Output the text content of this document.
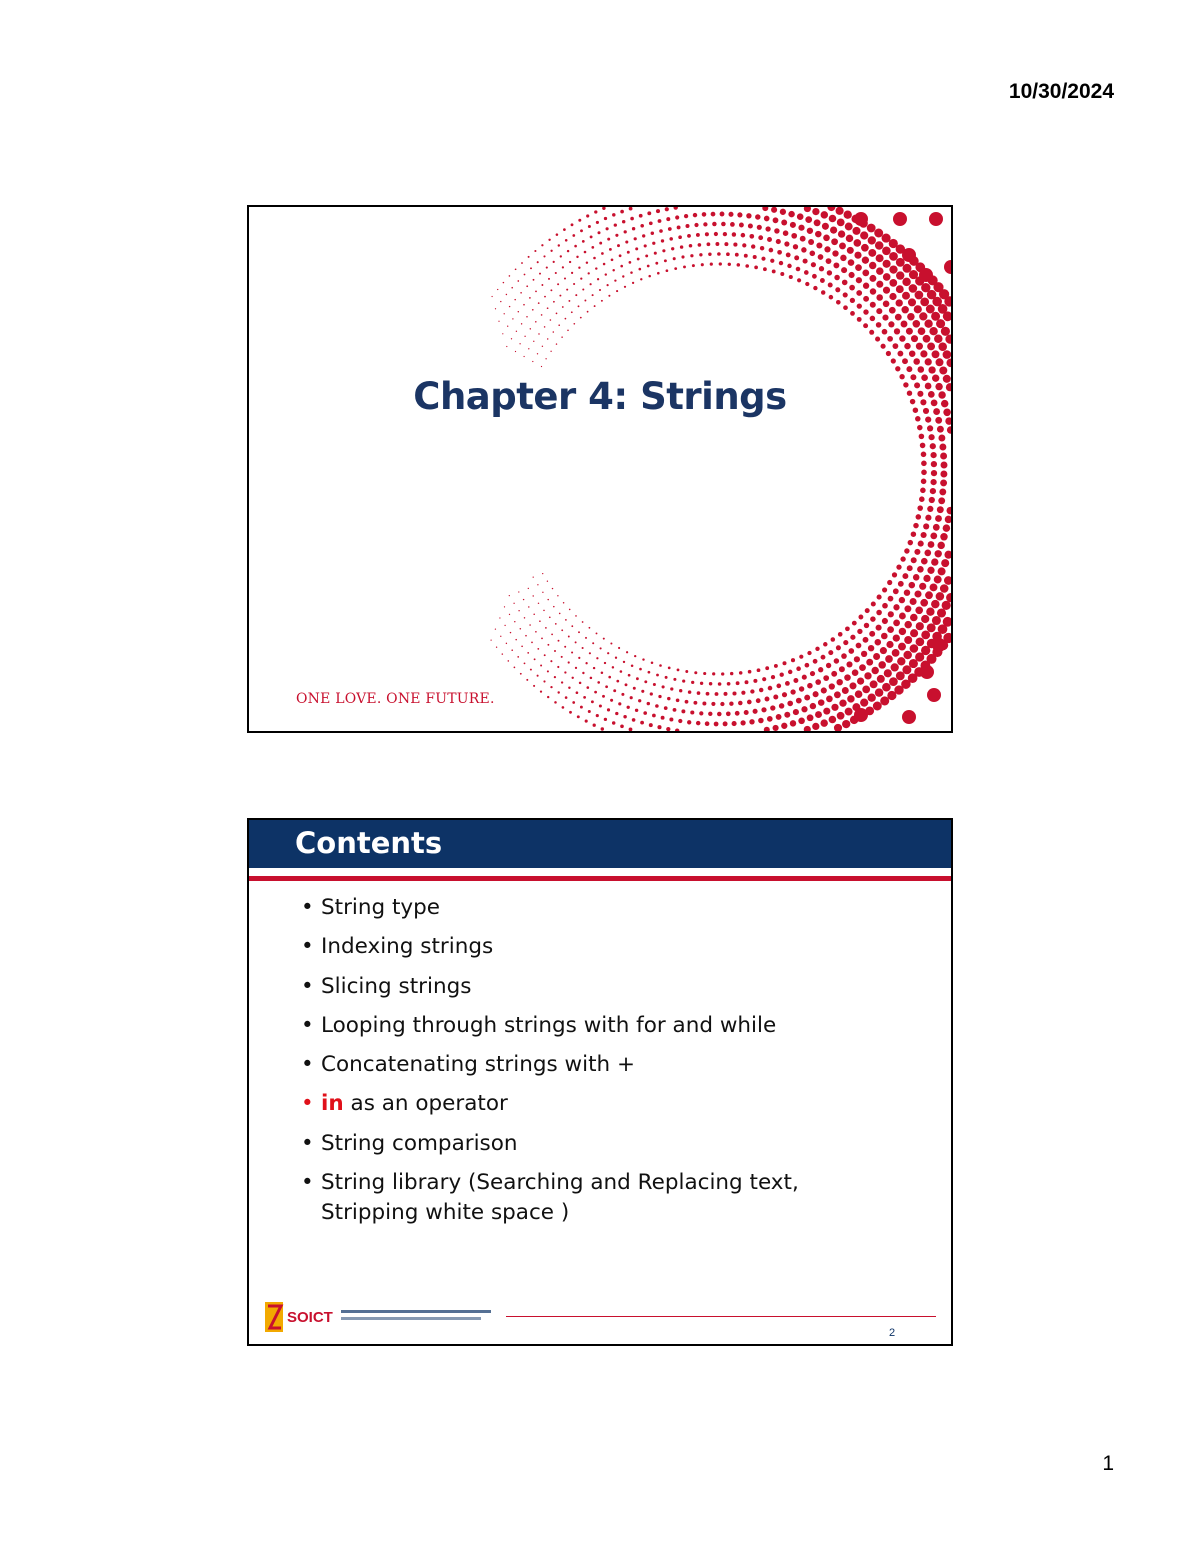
10/30/2024
Chapter 4: Strings
ONE LOVE. ONE FUTURE.
Contents
• String type
• Indexing strings
• Slicing strings
• Looping through strings with for and while
• Concatenating strings with +
• in as an operator
• String comparison
• String library (Searching and Replacing text,
Stripping white space )
SOICT
2
1
